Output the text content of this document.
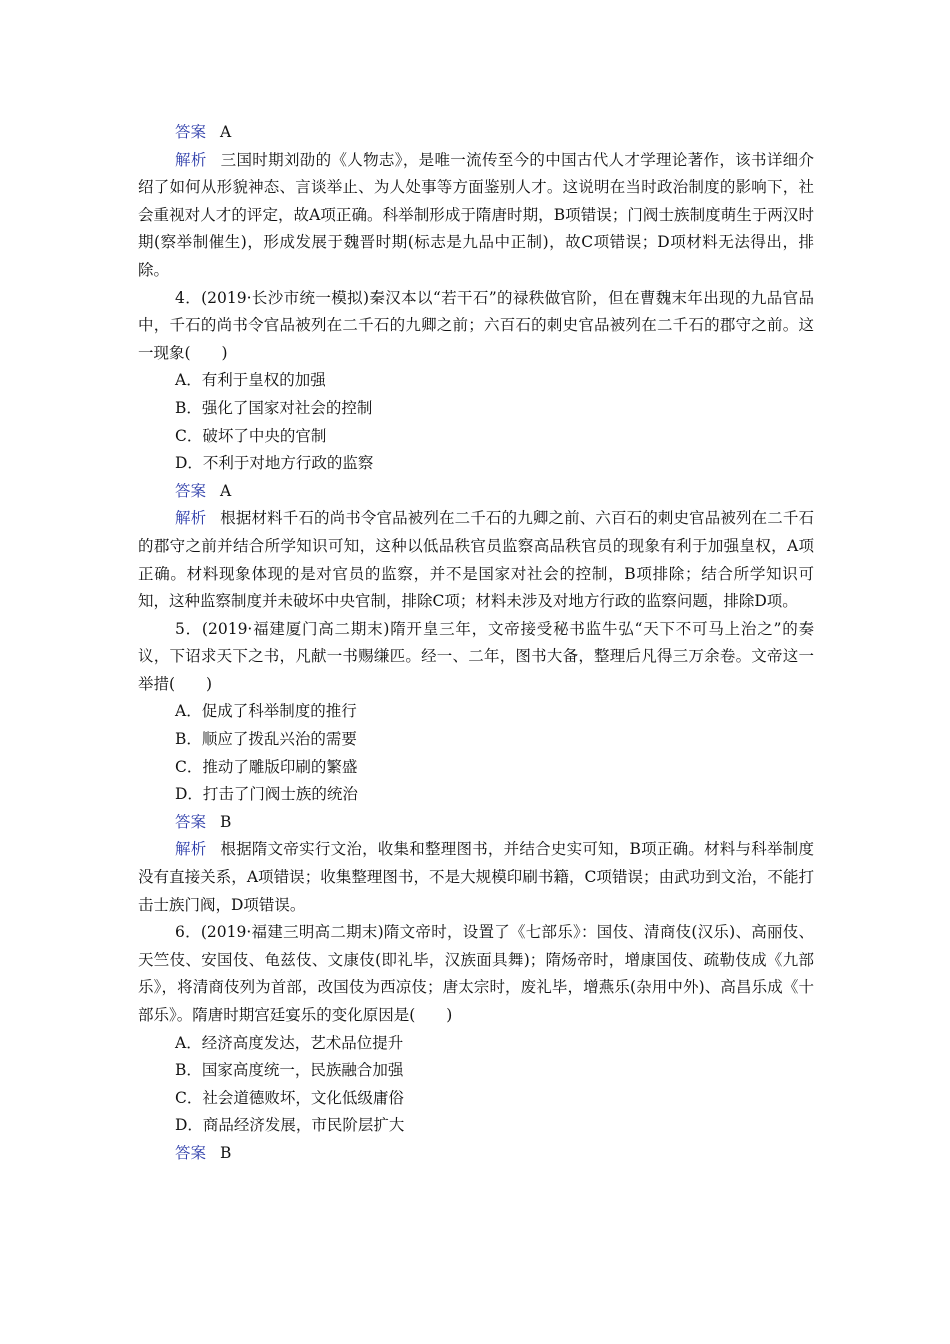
答案 A

解析 三国时期刘劭的《人物志》，是唯一流传至今的中国古代人才学理论著作，该书详细介绍了如何从形貌神态、言谈举止、为人处事等方面鉴别人才。这说明在当时政治制度的影响下，社会重视对人才的评定，故A项正确。科举制形成于隋唐时期，B项错误；门阀士族制度萌生于两汉时期(察举制催生)，形成发展于魏晋时期(标志是九品中正制)，故C项错误；D项材料无法得出，排除。

4．(2019·长沙市统一模拟)秦汉本以“若干石”的禄秩做官阶，但在曹魏末年出现的九品官品中，千石的尚书令官品被列在二千石的九卿之前；六百石的刺史官品被列在二千石的郡守之前。这一现象(　　)

A．有利于皇权的加强

B．强化了国家对社会的控制

C．破坏了中央的官制

D．不利于对地方行政的监察

答案 A

解析 根据材料千石的尚书令官品被列在二千石的九卿之前、六百石的刺史官品被列在二千石的郡守之前并结合所学知识可知，这种以低品秩官员监察高品秩官员的现象有利于加强皇权，A项正确。材料现象体现的是对官员的监察，并不是国家对社会的控制，B项排除；结合所学知识可知，这种监察制度并未破坏中央官制，排除C项；材料未涉及对地方行政的监察问题，排除D项。

5．(2019·福建厦门高二期末)隋开皇三年，文帝接受秘书监牛弘“天下不可马上治之”的奏议，下诏求天下之书，凡献一书赐缣匹。经一、二年，图书大备，整理后凡得三万余卷。文帝这一举措(　　)

A．促成了科举制度的推行

B．顺应了拨乱兴治的需要

C．推动了雕版印刷的繁盛

D．打击了门阀士族的统治

答案 B

解析 根据隋文帝实行文治，收集和整理图书，并结合史实可知，B项正确。材料与科举制度没有直接关系，A项错误；收集整理图书，不是大规模印刷书籍，C项错误；由武功到文治，不能打击士族门阀，D项错误。

6．(2019·福建三明高二期末)隋文帝时，设置了《七部乐》：国伎、清商伎(汉乐)、高丽伎、天竺伎、安国伎、龟兹伎、文康伎(即礼毕，汉族面具舞)；隋炀帝时，增康国伎、疏勒伎成《九部乐》，将清商伎列为首部，改国伎为西凉伎；唐太宗时，废礼毕，增燕乐(杂用中外)、高昌乐成《十部乐》。隋唐时期宫廷宴乐的变化原因是(　　)

A．经济高度发达，艺术品位提升

B．国家高度统一，民族融合加强

C．社会道德败坏，文化低级庸俗

D．商品经济发展，市民阶层扩大

答案 B
